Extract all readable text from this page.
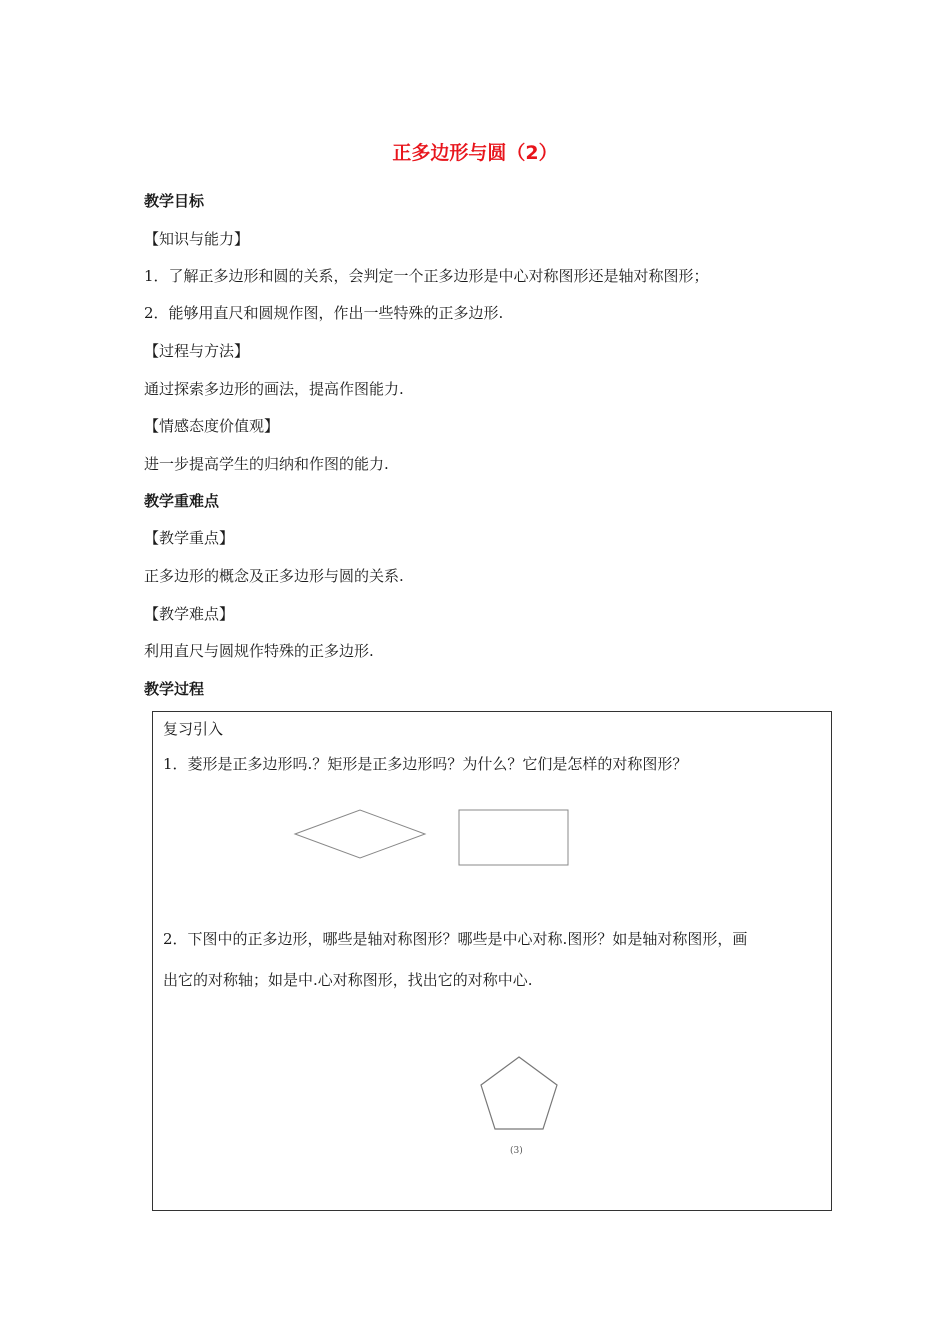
正多边形与圆（2）
教学目标
【知识与能力】
1．了解正多边形和圆的关系，会判定一个正多边形是中心对称图形还是轴对称图形；
2．能够用直尺和圆规作图，作出一些特殊的正多边形.
【过程与方法】
通过探索多边形的画法，提高作图能力.
【情感态度价值观】
进一步提高学生的归纳和作图的能力.
教学重难点
【教学重点】
正多边形的概念及正多边形与圆的关系.
【教学难点】
利用直尺与圆规作特殊的正多边形.
教学过程
复习引入
1．菱形是正多边形吗.？矩形是正多边形吗？为什么？它们是怎样的对称图形？
2．下图中的正多边形，哪些是轴对称图形？哪些是中心对称.图形？如是轴对称图形，画
出它的对称轴；如是中.心对称图形，找出它的对称中心.
(3)
